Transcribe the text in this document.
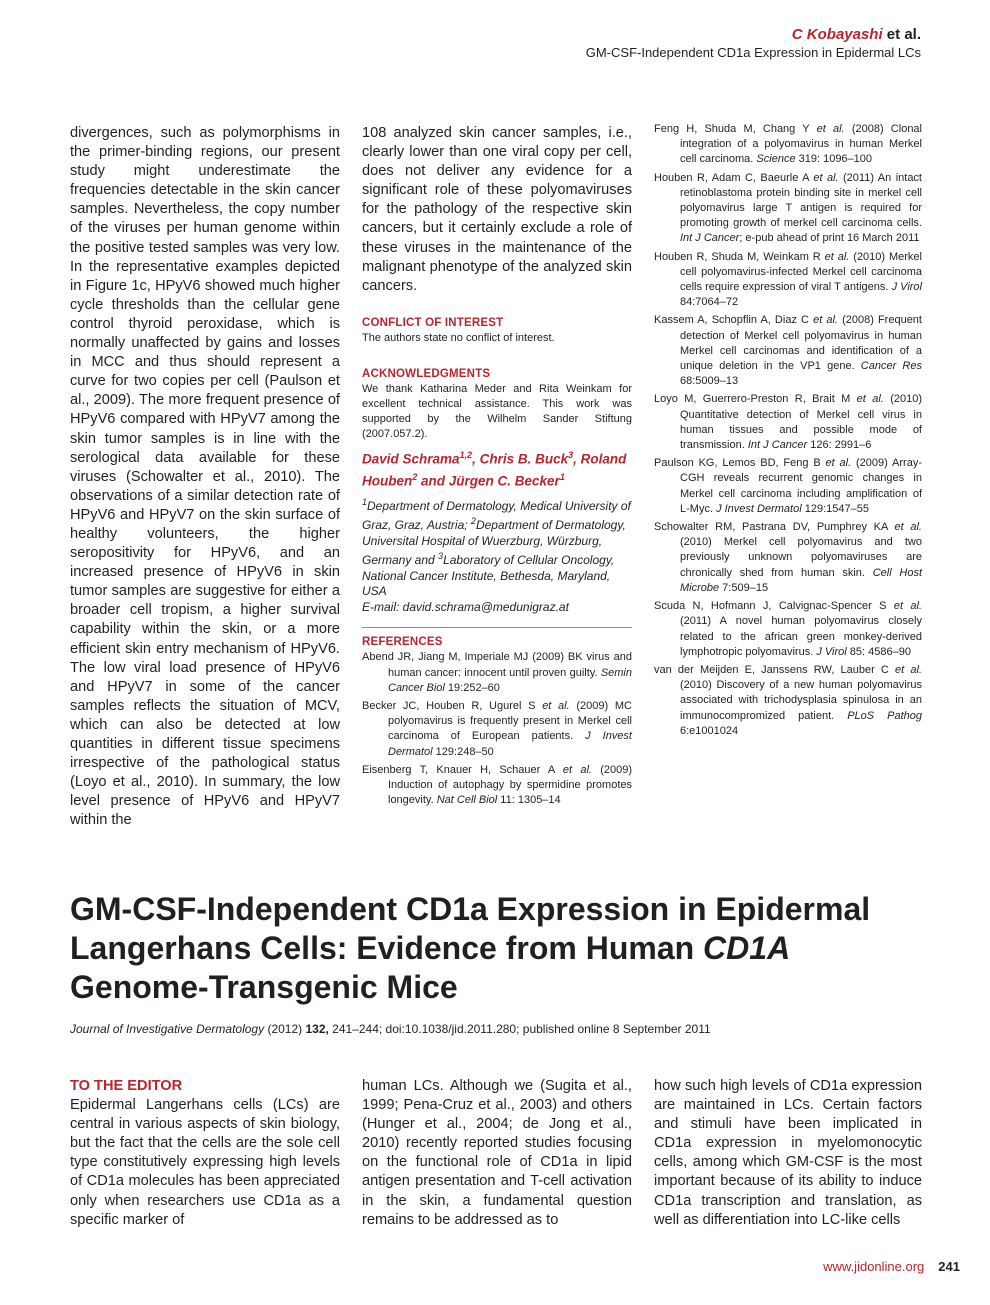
C Kobayashi et al.
GM-CSF-Independent CD1a Expression in Epidermal LCs
divergences, such as polymorphisms in the primer-binding regions, our present study might underestimate the frequencies detectable in the skin cancer samples. Nevertheless, the copy number of the viruses per human genome within the positive tested samples was very low. In the representative examples depicted in Figure 1c, HPyV6 showed much higher cycle thresholds than the cellular gene control thyroid peroxidase, which is normally unaffected by gains and losses in MCC and thus should represent a curve for two copies per cell (Paulson et al., 2009). The more frequent presence of HPyV6 compared with HPyV7 among the skin tumor samples is in line with the serological data available for these viruses (Schowalter et al., 2010). The observations of a similar detection rate of HPyV6 and HPyV7 on the skin surface of healthy volunteers, the higher seropositivity for HPyV6, and an increased presence of HPyV6 in skin tumor samples are suggestive for either a broader cell tropism, a higher survival capability within the skin, or a more efficient skin entry mechanism of HPyV6. The low viral load presence of HPyV6 and HPyV7 in some of the cancer samples reflects the situation of MCV, which can also be detected at low quantities in different tissue specimens irrespective of the pathological status (Loyo et al., 2010). In summary, the low level presence of HPyV6 and HPyV7 within the
108 analyzed skin cancer samples, i.e., clearly lower than one viral copy per cell, does not deliver any evidence for a significant role of these polyomaviruses for the pathology of the respective skin cancers, but it certainly exclude a role of these viruses in the maintenance of the malignant phenotype of the analyzed skin cancers.
CONFLICT OF INTEREST
The authors state no conflict of interest.
ACKNOWLEDGMENTS
We thank Katharina Meder and Rita Weinkam for excellent technical assistance. This work was supported by the Wilhelm Sander Stiftung (2007.057.2).
David Schrama$^{1,2}$, Chris B. Buck$^3$, Roland Houben$^2$ and Jürgen C. Becker$^1$
$^1$Department of Dermatology, Medical University of Graz, Graz, Austria; $^2$Department of Dermatology, Universital Hospital of Wuerzburg, Würzburg, Germany and $^3$Laboratory of Cellular Oncology, National Cancer Institute, Bethesda, Maryland, USA
E-mail: david.schrama@medunigraz.at
REFERENCES
Abend JR, Jiang M, Imperiale MJ (2009) BK virus and human cancer: innocent until proven guilty. Semin Cancer Biol 19:252–60
Becker JC, Houben R, Ugurel S et al. (2009) MC polyomavirus is frequently present in Merkel cell carcinoma of European patients. J Invest Dermatol 129:248–50
Eisenberg T, Knauer H, Schauer A et al. (2009) Induction of autophagy by spermidine promotes longevity. Nat Cell Biol 11: 1305–14
Feng H, Shuda M, Chang Y et al. (2008) Clonal integration of a polyomavirus in human Merkel cell carcinoma. Science 319: 1096–100
Houben R, Adam C, Baeurle A et al. (2011) An intact retinoblastoma protein binding site in merkel cell polyomavirus large T antigen is required for promoting growth of merkel cell carcinoma cells. Int J Cancer; e-pub ahead of print 16 March 2011
Houben R, Shuda M, Weinkam R et al. (2010) Merkel cell polyomavirus-infected Merkel cell carcinoma cells require expression of viral T antigens. J Virol 84:7064–72
Kassem A, Schopflin A, Diaz C et al. (2008) Frequent detection of Merkel cell polyomavirus in human Merkel cell carcinomas and identification of a unique deletion in the VP1 gene. Cancer Res 68:5009–13
Loyo M, Guerrero-Preston R, Brait M et al. (2010) Quantitative detection of Merkel cell virus in human tissues and possible mode of transmission. Int J Cancer 126: 2991–6
Paulson KG, Lemos BD, Feng B et al. (2009) Array-CGH reveals recurrent genomic changes in Merkel cell carcinoma including amplification of L-Myc. J Invest Dermatol 129:1547–55
Schowalter RM, Pastrana DV, Pumphrey KA et al. (2010) Merkel cell polyomavirus and two previously unknown polyomaviruses are chronically shed from human skin. Cell Host Microbe 7:509–15
Scuda N, Hofmann J, Calvignac-Spencer S et al. (2011) A novel human polyomavirus closely related to the african green monkey-derived lymphotropic polyomavirus. J Virol 85: 4586–90
van der Meijden E, Janssens RW, Lauber C et al. (2010) Discovery of a new human polyomavirus associated with trichodysplasia spinulosa in an immunocompromized patient. PLoS Pathog 6:e1001024
GM-CSF-Independent CD1a Expression in Epidermal Langerhans Cells: Evidence from Human CD1A Genome-Transgenic Mice
Journal of Investigative Dermatology (2012) 132, 241–244; doi:10.1038/jid.2011.280; published online 8 September 2011
TO THE EDITOR
Epidermal Langerhans cells (LCs) are central in various aspects of skin biology, but the fact that the cells are the sole cell type constitutively expressing high levels of CD1a molecules has been appreciated only when researchers use CD1a as a specific marker of
human LCs. Although we (Sugita et al., 1999; Pena-Cruz et al., 2003) and others (Hunger et al., 2004; de Jong et al., 2010) recently reported studies focusing on the functional role of CD1a in lipid antigen presentation and T-cell activation in the skin, a fundamental question remains to be addressed as to
how such high levels of CD1a expression are maintained in LCs. Certain factors and stimuli have been implicated in CD1a expression in myelomonocytic cells, among which GM-CSF is the most important because of its ability to induce CD1a transcription and translation, as well as differentiation into LC-like cells
www.jidonline.org 241
